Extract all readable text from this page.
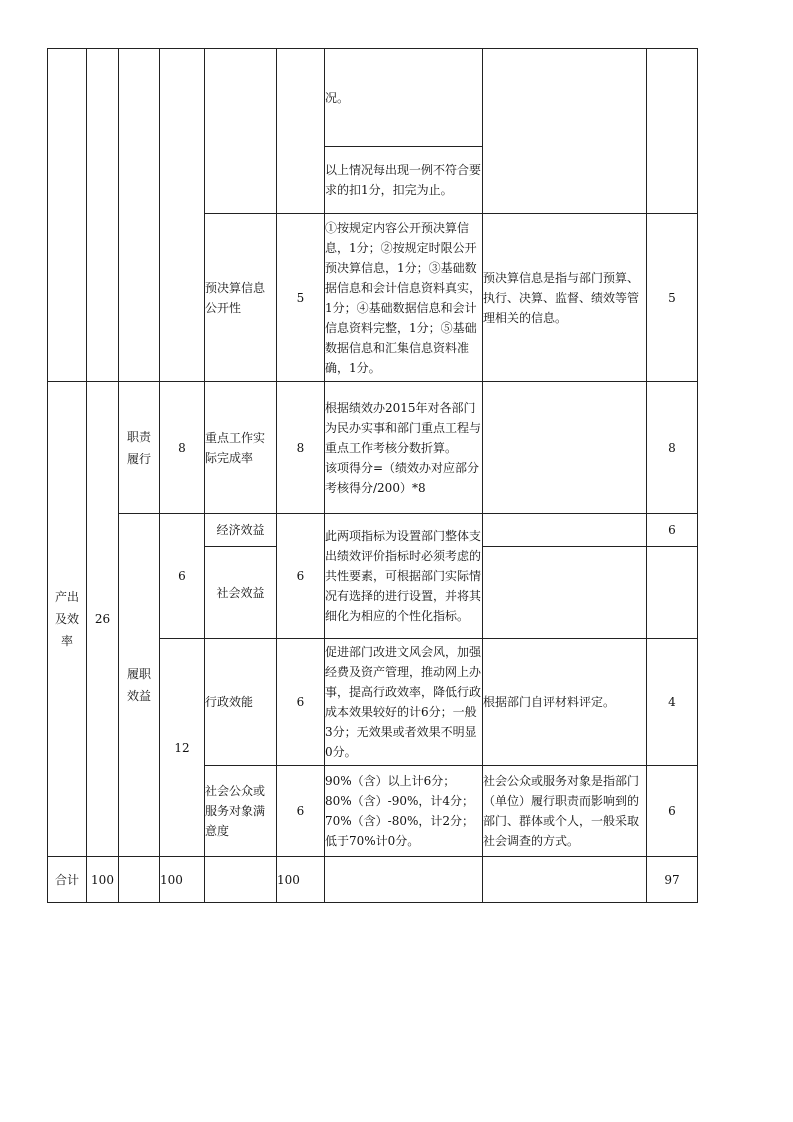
						况。		
						以上情况每出现一例不符合要求的扣1分，扣完为止。		
				预决算信息公开性	5	①按规定内容公开预决算信息，1分；②按规定时限公开预决算信息，1分；③基础数据信息和会计信息资料真实，1分；④基础数据信息和会计信息资料完整，1分；⑤基础数据信息和汇集信息资料准确，1分。	预决算信息是指与部门预算、执行、决算、监督、绩效等管理相关的信息。	5
产出及效率	26	职责履行	8	重点工作实际完成率	8	根据绩效办2015年对各部门为民办实事和部门重点工程与重点工作考核分数折算。
该项得分=（绩效办对应部分考核得分/200）*8		8
		履职效益	6	经济效益	6	此两项指标为设置部门整体支出绩效评价指标时必须考虑的共性要素，可根据部门实际情况有选择的进行设置，并将其细化为相应的个性化指标。		6
				社会效益				
			12	行政效能	6	促进部门改进文风会风，加强经费及资产管理，推动网上办事，提高行政效率，降低行政成本效果较好的计6分；一般3分；无效果或者效果不明显0分。	根据部门自评材料评定。	4
				社会公众或服务对象满意度	6	90%（含）以上计6分；
80%（含）-90%，计4分；
70%（含）-80%，计2分；
低于70%计0分。	社会公众或服务对象是指部门（单位）履行职责而影响到的部门、群体或个人，一般采取社会调查的方式。	6
合计	100		100		100			97
